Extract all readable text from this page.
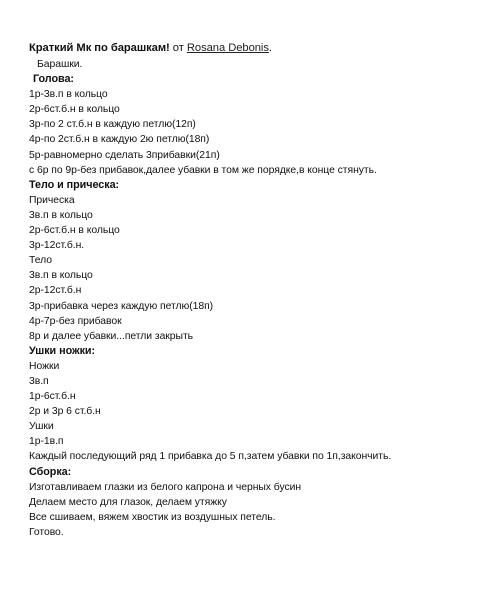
Краткий Мк по барашкам! от Rosana Debonis.
Барашки.
Голова:
1р-3в.п в кольцо
2р-6ст.б.н в кольцо
3р-по 2 ст.б.н в каждую петлю(12п)
4р-по 2ст.б.н в каждую 2ю петлю(18п)
5р-равномерно сделать 3прибавки(21п)
с 6р по 9р-без прибавок,далее убавки в том же порядке,в конце стянуть.
Тело и прическа:
Прическа
3в.п в кольцо
2р-6ст.б.н в кольцо
3р-12ст.б.н.
Тело
3в.п в кольцо
2р-12ст.б.н
3р-прибавка через каждую петлю(18п)
4р-7р-без прибавок
8р и далее убавки...петли закрыть
Ушки ножки:
Ножки
3в.п
1р-6ст.б.н
2р и 3р 6 ст.б.н
Ушки
1р-1в.п
Каждый последующий ряд 1 прибавка до 5 п,затем убавки по 1п,закончить.
Сборка:
Изготавливаем глазки из белого капрона и черных бусин
Делаем место для глазок, делаем утяжку
Все сшиваем, вяжем хвостик из воздушных петель.
Готово.
